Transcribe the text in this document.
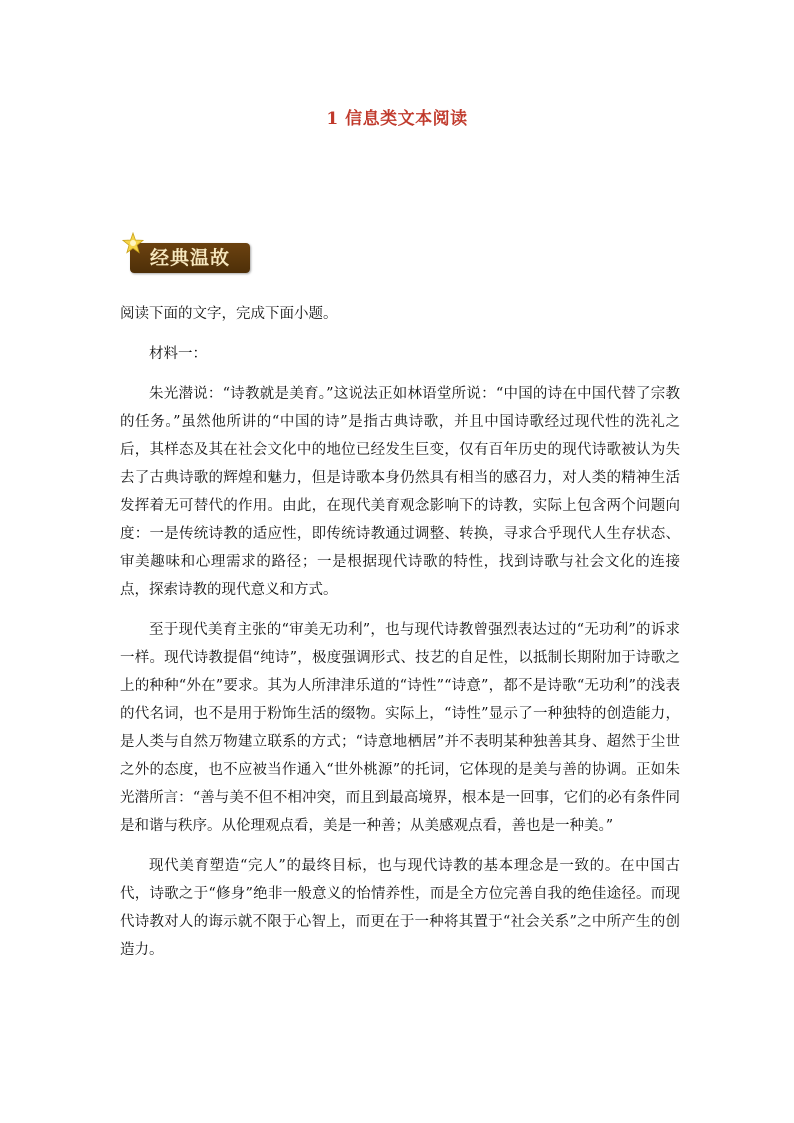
1 信息类文本阅读
经典温故

阅读下面的文字，完成下面小题。

材料一：

朱光潜说：“诗教就是美育。”这说法正如林语堂所说：“中国的诗在中国代替了宗教的任务。”虽然他所讲的“中国的诗”是指古典诗歌，并且中国诗歌经过现代性的洗礼之后，其样态及其在社会文化中的地位已经发生巨变，仅有百年历史的现代诗歌被认为失去了古典诗歌的辉煌和魅力，但是诗歌本身仍然具有相当的感召力，对人类的精神生活发挥着无可替代的作用。由此，在现代美育观念影响下的诗教，实际上包含两个问题向度：一是传统诗教的适应性，即传统诗教通过调整、转换，寻求合乎现代人生存状态、审美趣味和心理需求的路径；一是根据现代诗歌的特性，找到诗歌与社会文化的连接点，探索诗教的现代意义和方式。

至于现代美育主张的“审美无功利”，也与现代诗教曾强烈表达过的“无功利”的诉求一样。现代诗教提倡“纯诗”，极度强调形式、技艺的自足性，以抵制长期附加于诗歌之上的种种“外在”要求。其为人所津津乐道的“诗性”“诗意”，都不是诗歌“无功利”的浅表的代名词，也不是用于粉饰生活的缀物。实际上，“诗性”显示了一种独特的创造能力，是人类与自然万物建立联系的方式；“诗意地栖居”并不表明某种独善其身、超然于尘世之外的态度，也不应被当作通入“世外桃源”的托词，它体现的是美与善的协调。正如朱光潜所言：“善与美不但不相冲突，而且到最高境界，根本是一回事，它们的必有条件同是和谐与秩序。从伦理观点看，美是一种善；从美感观点看，善也是一种美。”

现代美育塑造“完人”的最终目标，也与现代诗教的基本理念是一致的。在中国古代，诗歌之于“修身”绝非一般意义的怡情养性，而是全方位完善自我的绝佳途径。而现代诗教对人的诲示就不限于心智上，而更在于一种将其置于“社会关系”之中所产生的创造力。
